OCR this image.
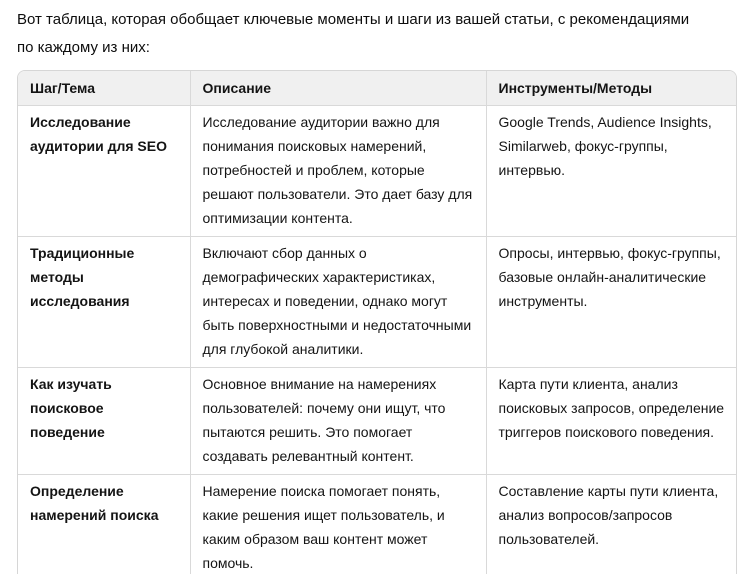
Вот таблица, которая обобщает ключевые моменты и шаги из вашей статьи, с рекомендациями
по каждому из них:

Шаг/Тема	Описание	Инструменты/Методы
Исследование аудитории для SEO	Исследование аудитории важно для понимания поисковых намерений, потребностей и проблем, которые решают пользователи. Это дает базу для оптимизации контента.	Google Trends, Audience Insights, Similarweb, фокус-группы, интервью.
Традиционные методы исследования	Включают сбор данных о демографических характеристиках, интересах и поведении, однако могут быть поверхностными и недостаточными для глубокой аналитики.	Опросы, интервью, фокус-группы, базовые онлайн-аналитические инструменты.
Как изучать поисковое поведение	Основное внимание на намерениях пользователей: почему они ищут, что пытаются решить. Это помогает создавать релевантный контент.	Карта пути клиента, анализ поисковых запросов, определение триггеров поискового поведения.
Определение намерений поиска	Намерение поиска помогает понять, какие решения ищет пользователь, и каким образом ваш контент может помочь.	Составление карты пути клиента, анализ вопросов/запросов пользователей.
